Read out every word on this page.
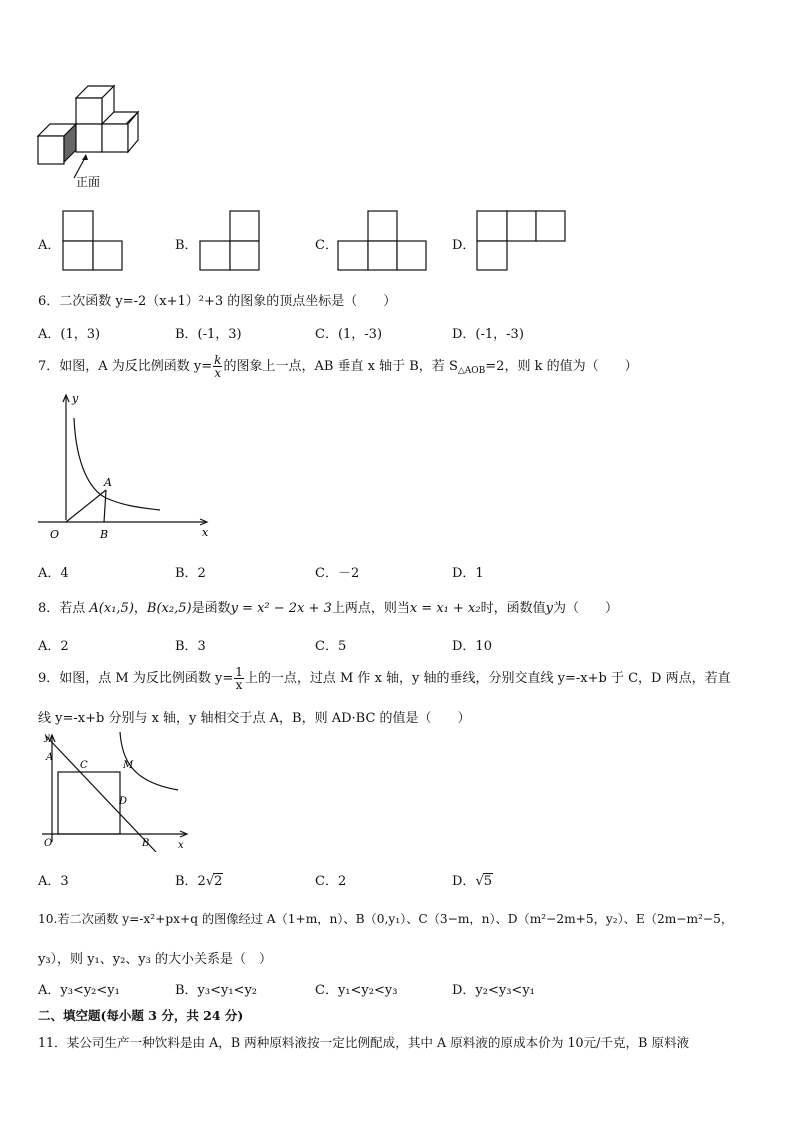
正面
A．	B．	C．	D．
6．二次函数 y=-2（x+1）²+3 的图象的顶点坐标是（　　）
A．(1，3)	B．(-1，3)	C．(1，-3)	D．(-1，-3)
7．如图，A 为反比例函数 $y= \frac{k}{x}$ 的图象上一点，AB 垂直 x 轴于 B，若 $S_{\triangle AOB}=2$，则 k 的值为（　　）
y
x
O
A
B
A．4	B．2	C．－2	D．1
8．若点 A(x₁,5)，B(x₂,5)是函数y = x² − 2x + 3上两点，则当x = x₁ + x₂时，函数值y为（　　）
A．2	B．3	C．5	D．10
9．如图，点 M 为反比例函数 $y= \frac{1}{x}$ 上的一点，过点 M 作 x 轴，y 轴的垂线，分别交直线 y=-x+b 于 C，D 两点，若直
线 y=-x+b 分别与 x 轴，y 轴相交于点 A，B，则 AD·BC 的值是（　　）
y
x
O
A
B
C
D
M
A．3	B．2√2	C．2	D．√5
10.若二次函数 y=-x²+px+q 的图像经过 A（1+m，n）、B（0,y₁）、C（3−m，n）、D（m²−2m+5，y₂）、E（2m−m²−5，
y₃），则 y₁、y₂、y₃ 的大小关系是（　）
A．y₃<y₂<y₁	B．y₃<y₁<y₂	C．y₁<y₂<y₃	D．y₂<y₃<y₁
二、填空题(每小题 3 分，共 24 分)
11．某公司生产一种饮料是由 A，B 两种原料液按一定比例配成，其中 A 原料液的原成本价为 10元/千克，B 原料液
